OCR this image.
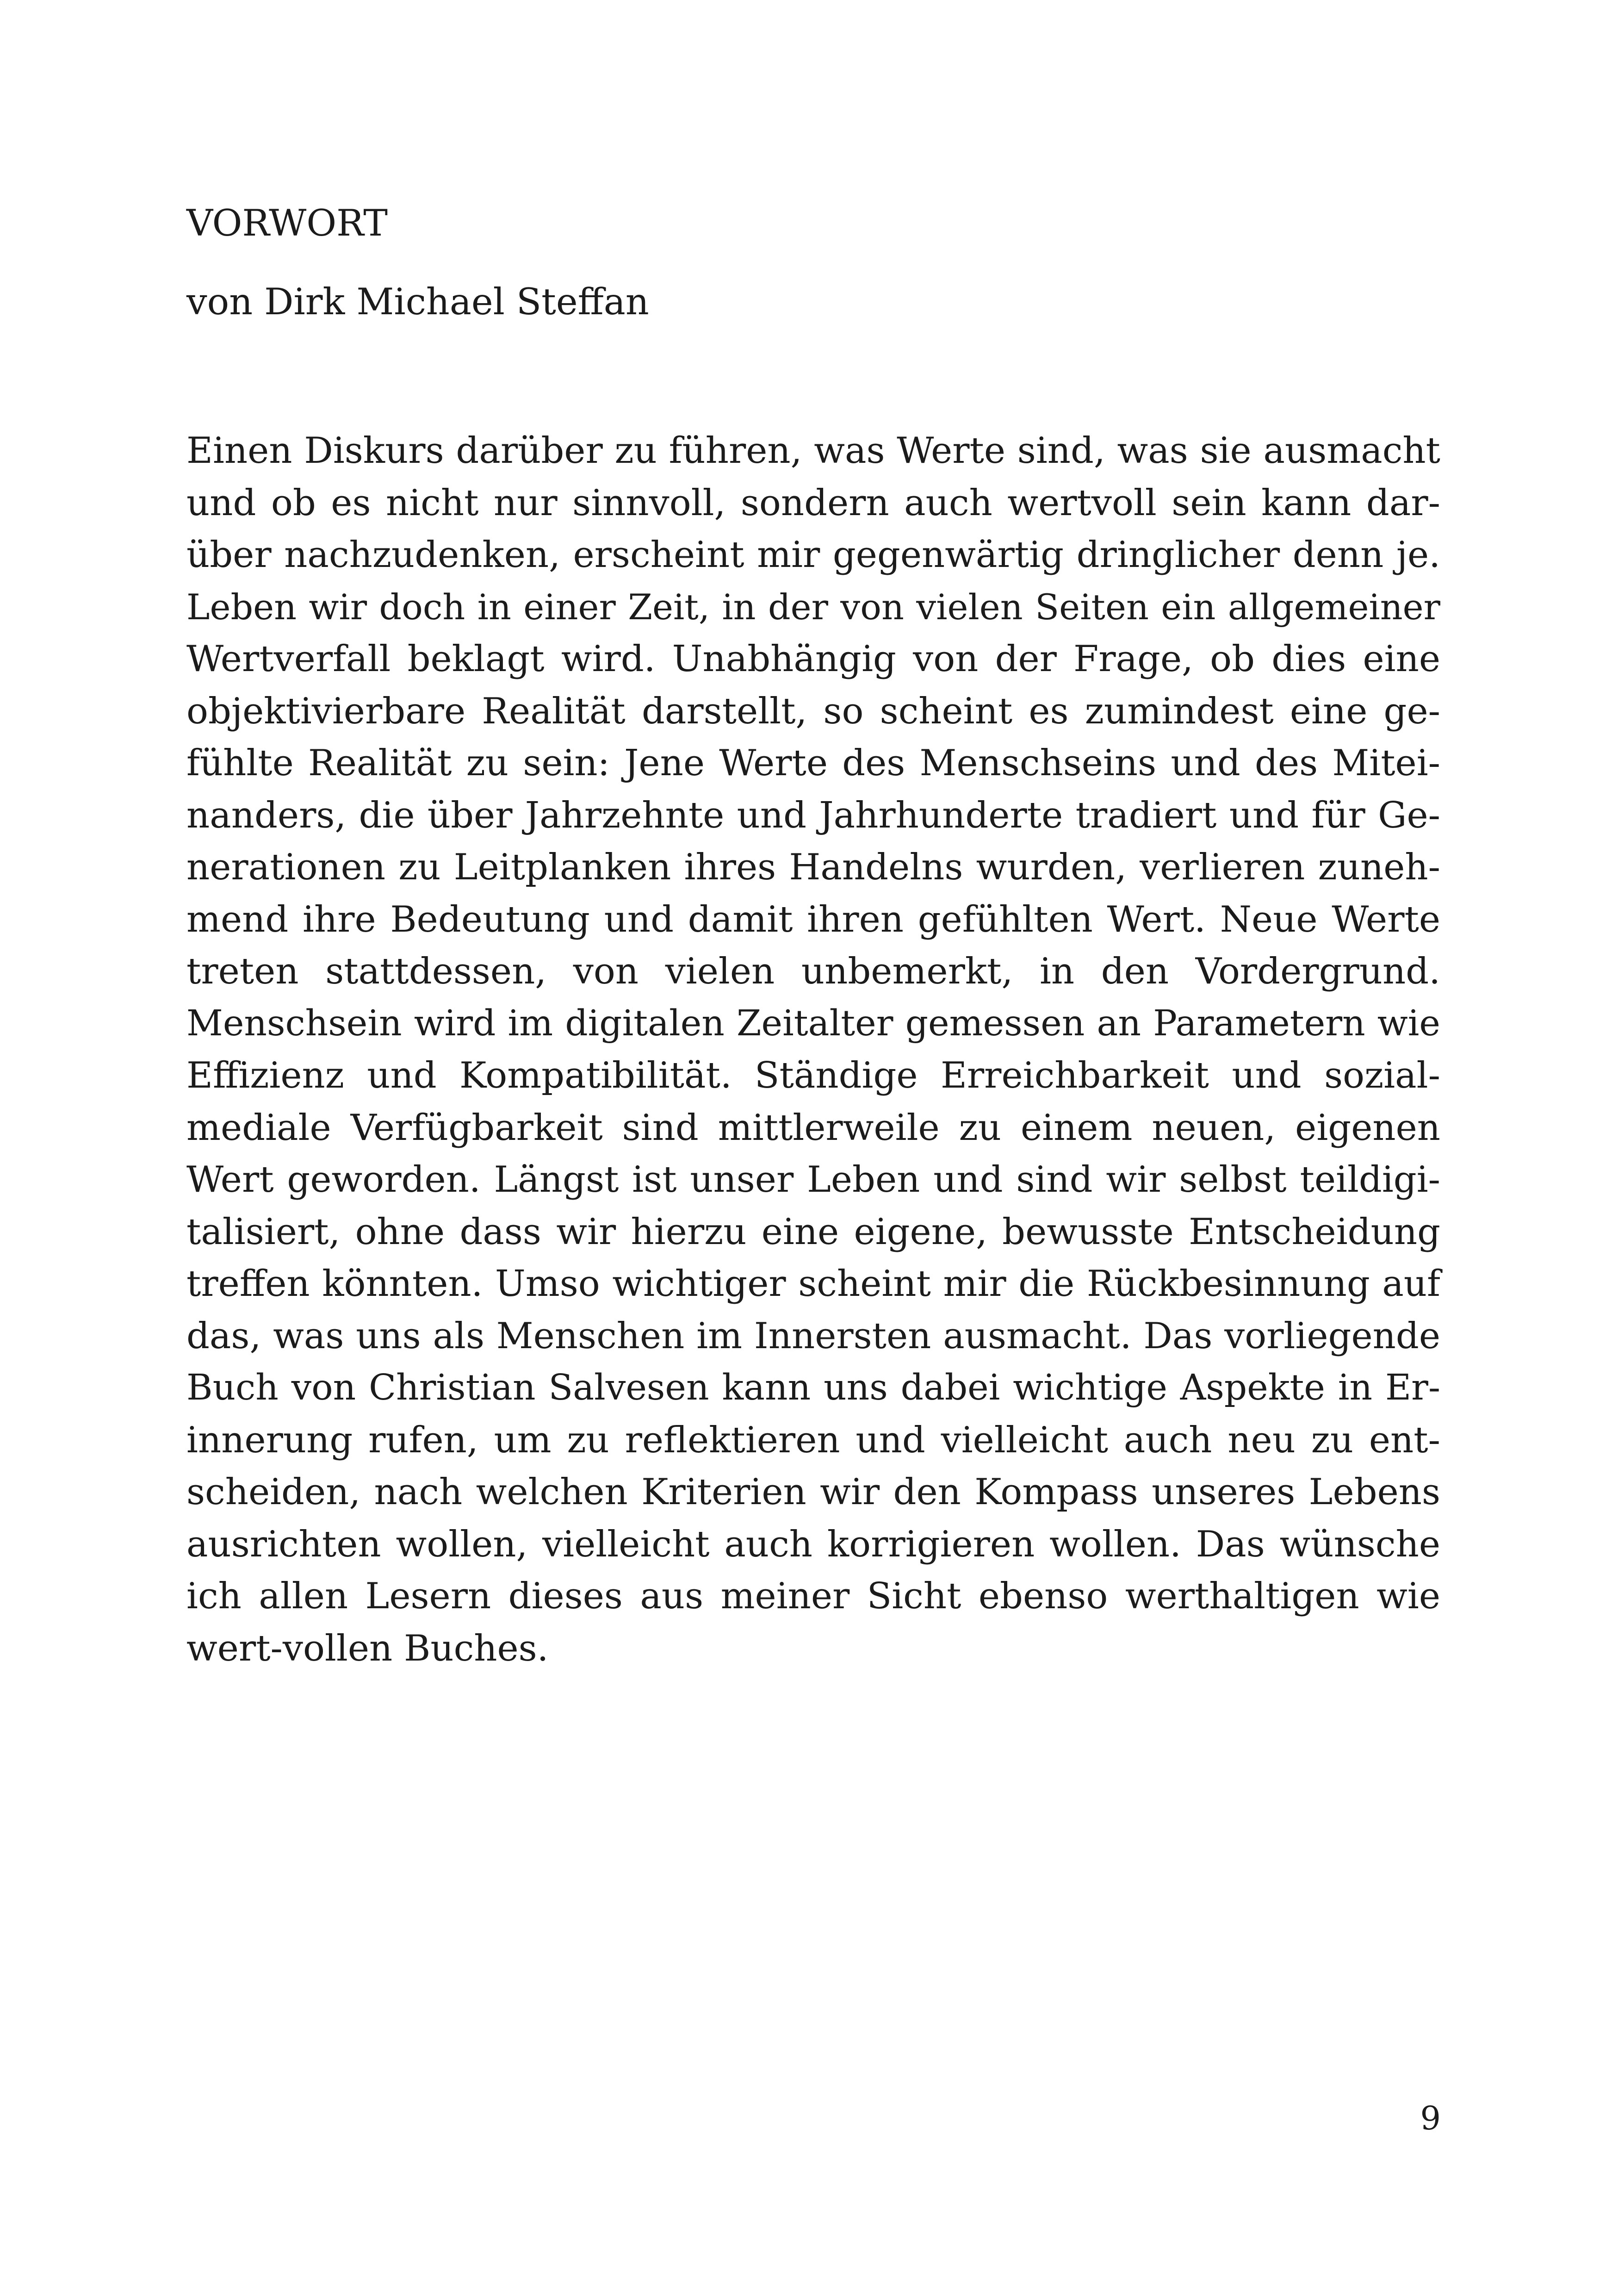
VORWORT

von Dirk Michael Steffan

Einen Diskurs darüber zu führen, was Werte sind, was sie ausmacht
und ob es nicht nur sinnvoll, sondern auch wertvoll sein kann dar-
über nachzudenken, erscheint mir gegenwärtig dringlicher denn je.
Leben wir doch in einer Zeit, in der von vielen Seiten ein allgemeiner
Wertverfall beklagt wird. Unabhängig von der Frage, ob dies eine
objektivierbare Realität darstellt, so scheint es zumindest eine ge-
fühlte Realität zu sein: Jene Werte des Menschseins und des Mitei-
nanders, die über Jahrzehnte und Jahrhunderte tradiert und für Ge-
nerationen zu Leitplanken ihres Handelns wurden, verlieren zuneh-
mend ihre Bedeutung und damit ihren gefühlten Wert. Neue Werte
treten stattdessen, von vielen unbemerkt, in den Vordergrund.
Menschsein wird im digitalen Zeitalter gemessen an Parametern wie
Effizienz und Kompatibilität. Ständige Erreichbarkeit und sozial-
mediale Verfügbarkeit sind mittlerweile zu einem neuen, eigenen
Wert geworden. Längst ist unser Leben und sind wir selbst teildigi-
talisiert, ohne dass wir hierzu eine eigene, bewusste Entscheidung
treffen könnten. Umso wichtiger scheint mir die Rückbesinnung auf
das, was uns als Menschen im Innersten ausmacht. Das vorliegende
Buch von Christian Salvesen kann uns dabei wichtige Aspekte in Er-
innerung rufen, um zu reflektieren und vielleicht auch neu zu ent-
scheiden, nach welchen Kriterien wir den Kompass unseres Lebens
ausrichten wollen, vielleicht auch korrigieren wollen. Das wünsche
ich allen Lesern dieses aus meiner Sicht ebenso werthaltigen wie
wert-vollen Buches.
9
